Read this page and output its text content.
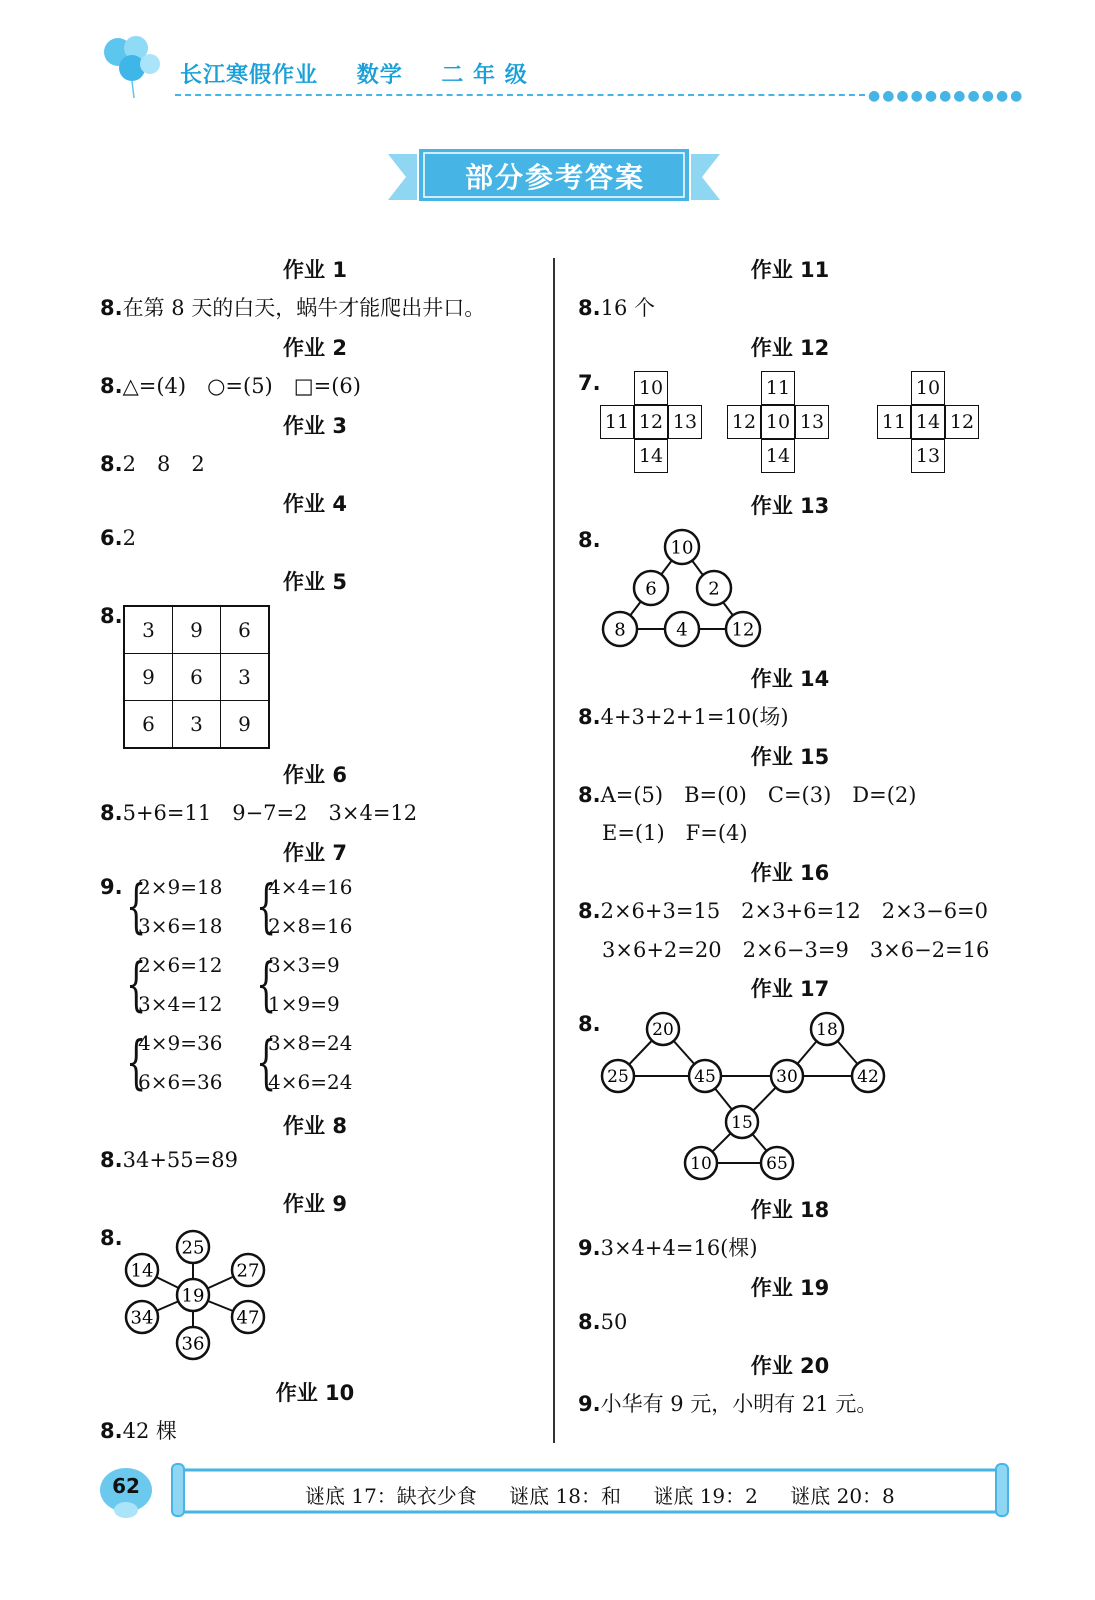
长江寒假作业 数学 二 年 级
●●●●●●●●●●●
部分参考答案
作业 1
8.在第 8 天的白天，蜗牛才能爬出井口。
作业 2
8.△=(4)　○=(5)　□=(6)
作业 3
8.2　8　2
作业 4
6.2
作业 5
8.
3	9	6
9	6	3
6	3	9
作业 6
8.5+6=11　9−7=2　3×4=12
作业 7
9. {
2×9=18
3×6=18 {
4×4=16
2×8=16
{
2×6=12
3×4=12 {
3×3=9
1×9=9
{
4×9=36
6×6=36 {
3×8=24
4×6=24
作业 8
8.34+55=89
作业 9
8.	25
27
47
36
34
14
19
作业 10
8.42 棵
作业 11
8.16 个
作业 12
7. 10
11 12 13
14
11
12 10 13
14
10
11 14 12
13
作业 13
8.	10
6	2
8	4 12
作业 14
8.4+3+2+1=10(场)
作业 15
8.A=(5)　B=(0)　C=(3)　D=(2)
E=(1)　F=(4)
作业 16
8.2×6+3=15　2×3+6=12　2×3−6=0
3×6+2=20　2×6−3=9　3×6−2=16
作业 17
8.	20
25	45	30
18
42
15
10	65
作业 18
9.3×4+4=16(棵)
作业 19
8.50
作业 20
9.小华有 9 元，小明有 21 元。
62	谜底 17：缺衣少食 谜底 18：和 谜底 19：2 谜底 20：8
